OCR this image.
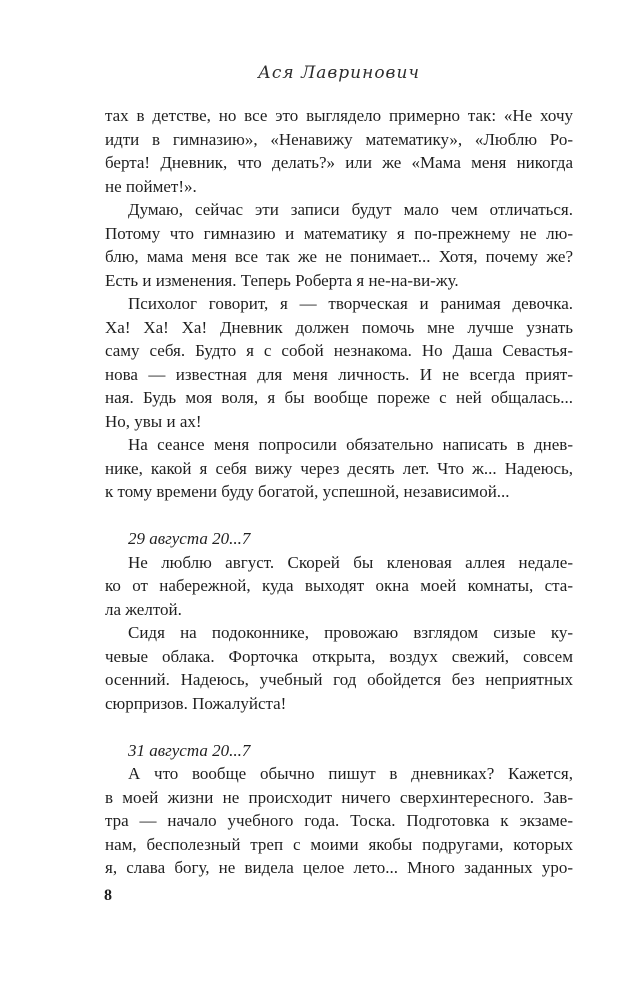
Ася Лавринович
тах в детстве, но все это выглядело примерно так: «Не хочу
идти в гимназию», «Ненавижу математику», «Люблю Ро-
берта! Дневник, что делать?» или же «Мама меня никогда
не поймет!».
Думаю, сейчас эти записи будут мало чем отличаться.
Потому что гимназию и математику я по-прежнему не лю-
блю, мама меня все так же не понимает... Хотя, почему же?
Есть и изменения. Теперь Роберта я не-на-ви-жу.
Психолог говорит, я — творческая и ранимая девочка.
Ха! Ха! Ха! Дневник должен помочь мне лучше узнать
саму себя. Будто я с собой незнакома. Но Даша Севастья-
нова — известная для меня личность. И не всегда прият-
ная. Будь моя воля, я бы вообще пореже с ней общалась...
Но, увы и ах!
На сеансе меня попросили обязательно написать в днев-
нике, какой я себя вижу через десять лет. Что ж... Надеюсь,
к тому времени буду богатой, успешной, независимой...
29 августа 20...7
Не люблю август. Скорей бы кленовая аллея недале-
ко от набережной, куда выходят окна моей комнаты, ста-
ла желтой.
Сидя на подоконнике, провожаю взглядом сизые ку-
чевые облака. Форточка открыта, воздух свежий, совсем
осенний. Надеюсь, учебный год обойдется без неприятных
сюрпризов. Пожалуйста!
31 августа 20...7
А что вообще обычно пишут в дневниках? Кажется,
в моей жизни не происходит ничего сверхинтересного. Зав-
тра — начало учебного года. Тоска. Подготовка к экзаме-
нам, бесполезный треп с моими якобы подругами, которых
я, слава богу, не видела целое лето... Много заданных уро-
8
